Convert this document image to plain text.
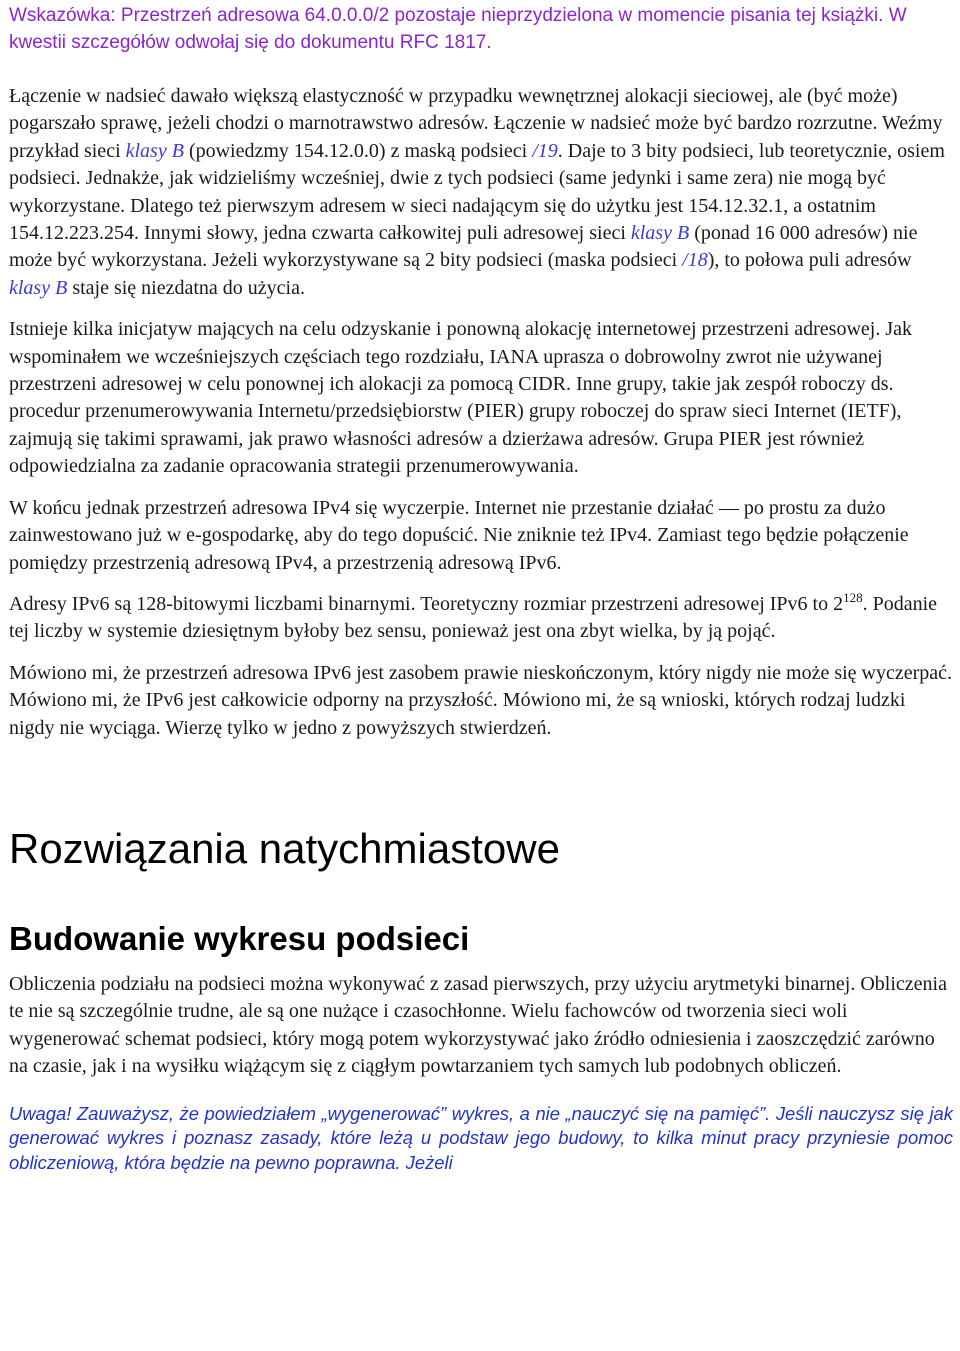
Wskazówka: Przestrzeń adresowa 64.0.0.0/2 pozostaje nieprzydzielona w momencie pisania tej książki. W kwestii szczegółów odwołaj się do dokumentu RFC 1817.

Łączenie w nadsieć dawało większą elastyczność w przypadku wewnętrznej alokacji sieciowej, ale (być może) pogarszało sprawę, jeżeli chodzi o marnotrawstwo adresów. Łączenie w nadsieć może być bardzo rozrzutne. Weźmy przykład sieci klasy B (powiedzmy 154.12.0.0) z maską podsieci /19. Daje to 3 bity podsieci, lub teoretycznie, osiem podsieci. Jednakże, jak widzieliśmy wcześniej, dwie z tych podsieci (same jedynki i same zera) nie mogą być wykorzystane. Dlatego też pierwszym adresem w sieci nadającym się do użytku jest 154.12.32.1, a ostatnim 154.12.223.254. Innymi słowy, jedna czwarta całkowitej puli adresowej sieci klasy B (ponad 16 000 adresów) nie może być wykorzystana. Jeżeli wykorzystywane są 2 bity podsieci (maska podsieci /18), to połowa puli adresów klasy B staje się niezdatna do użycia.

Istnieje kilka inicjatyw mających na celu odzyskanie i ponowną alokację internetowej przestrzeni adresowej. Jak wspominałem we wcześniejszych częściach tego rozdziału, IANA uprasza o dobrowolny zwrot nie używanej przestrzeni adresowej w celu ponownej ich alokacji za pomocą CIDR. Inne grupy, takie jak zespół roboczy ds. procedur przenumerowywania Internetu/przedsiębiorstw (PIER) grupy roboczej do spraw sieci Internet (IETF), zajmują się takimi sprawami, jak prawo własności adresów a dzierżawa adresów. Grupa PIER jest również odpowiedzialna za zadanie opracowania strategii przenumerowywania.

W końcu jednak przestrzeń adresowa IPv4 się wyczerpie. Internet nie przestanie działać — po prostu za dużo zainwestowano już w e-gospodarkę, aby do tego dopuścić. Nie zniknie też IPv4. Zamiast tego będzie połączenie pomiędzy przestrzenią adresową IPv4, a przestrzenią adresową IPv6.

Adresy IPv6 są 128-bitowymi liczbami binarnymi. Teoretyczny rozmiar przestrzeni adresowej IPv6 to $2^{128}$. Podanie tej liczby w systemie dziesiętnym byłoby bez sensu, ponieważ jest ona zbyt wielka, by ją pojąć.

Mówiono mi, że przestrzeń adresowa IPv6 jest zasobem prawie nieskończonym, który nigdy nie może się wyczerpać. Mówiono mi, że IPv6 jest całkowicie odporny na przyszłość. Mówiono mi, że są wnioski, których rodzaj ludzki nigdy nie wyciąga. Wierzę tylko w jedno z powyższych stwierdzeń.

Rozwiązania natychmiastowe
Budowanie wykresu podsieci

Obliczenia podziału na podsieci można wykonywać z zasad pierwszych, przy użyciu arytmetyki binarnej. Obliczenia te nie są szczególnie trudne, ale są one nużące i czasochłonne. Wielu fachowców od tworzenia sieci woli wygenerować schemat podsieci, który mogą potem wykorzystywać jako źródło odniesienia i zaoszczędzić zarówno na czasie, jak i na wysiłku wiążącym się z ciągłym powtarzaniem tych samych lub podobnych obliczeń.

Uwaga! Zauważysz, że powiedziałem „wygenerować” wykres, a nie „nauczyć się na pamięć”. Jeśli nauczysz się jak generować wykres i poznasz zasady, które leżą u podstaw jego budowy, to kilka minut pracy przyniesie pomoc obliczeniową, która będzie na pewno poprawna. Jeżeli
